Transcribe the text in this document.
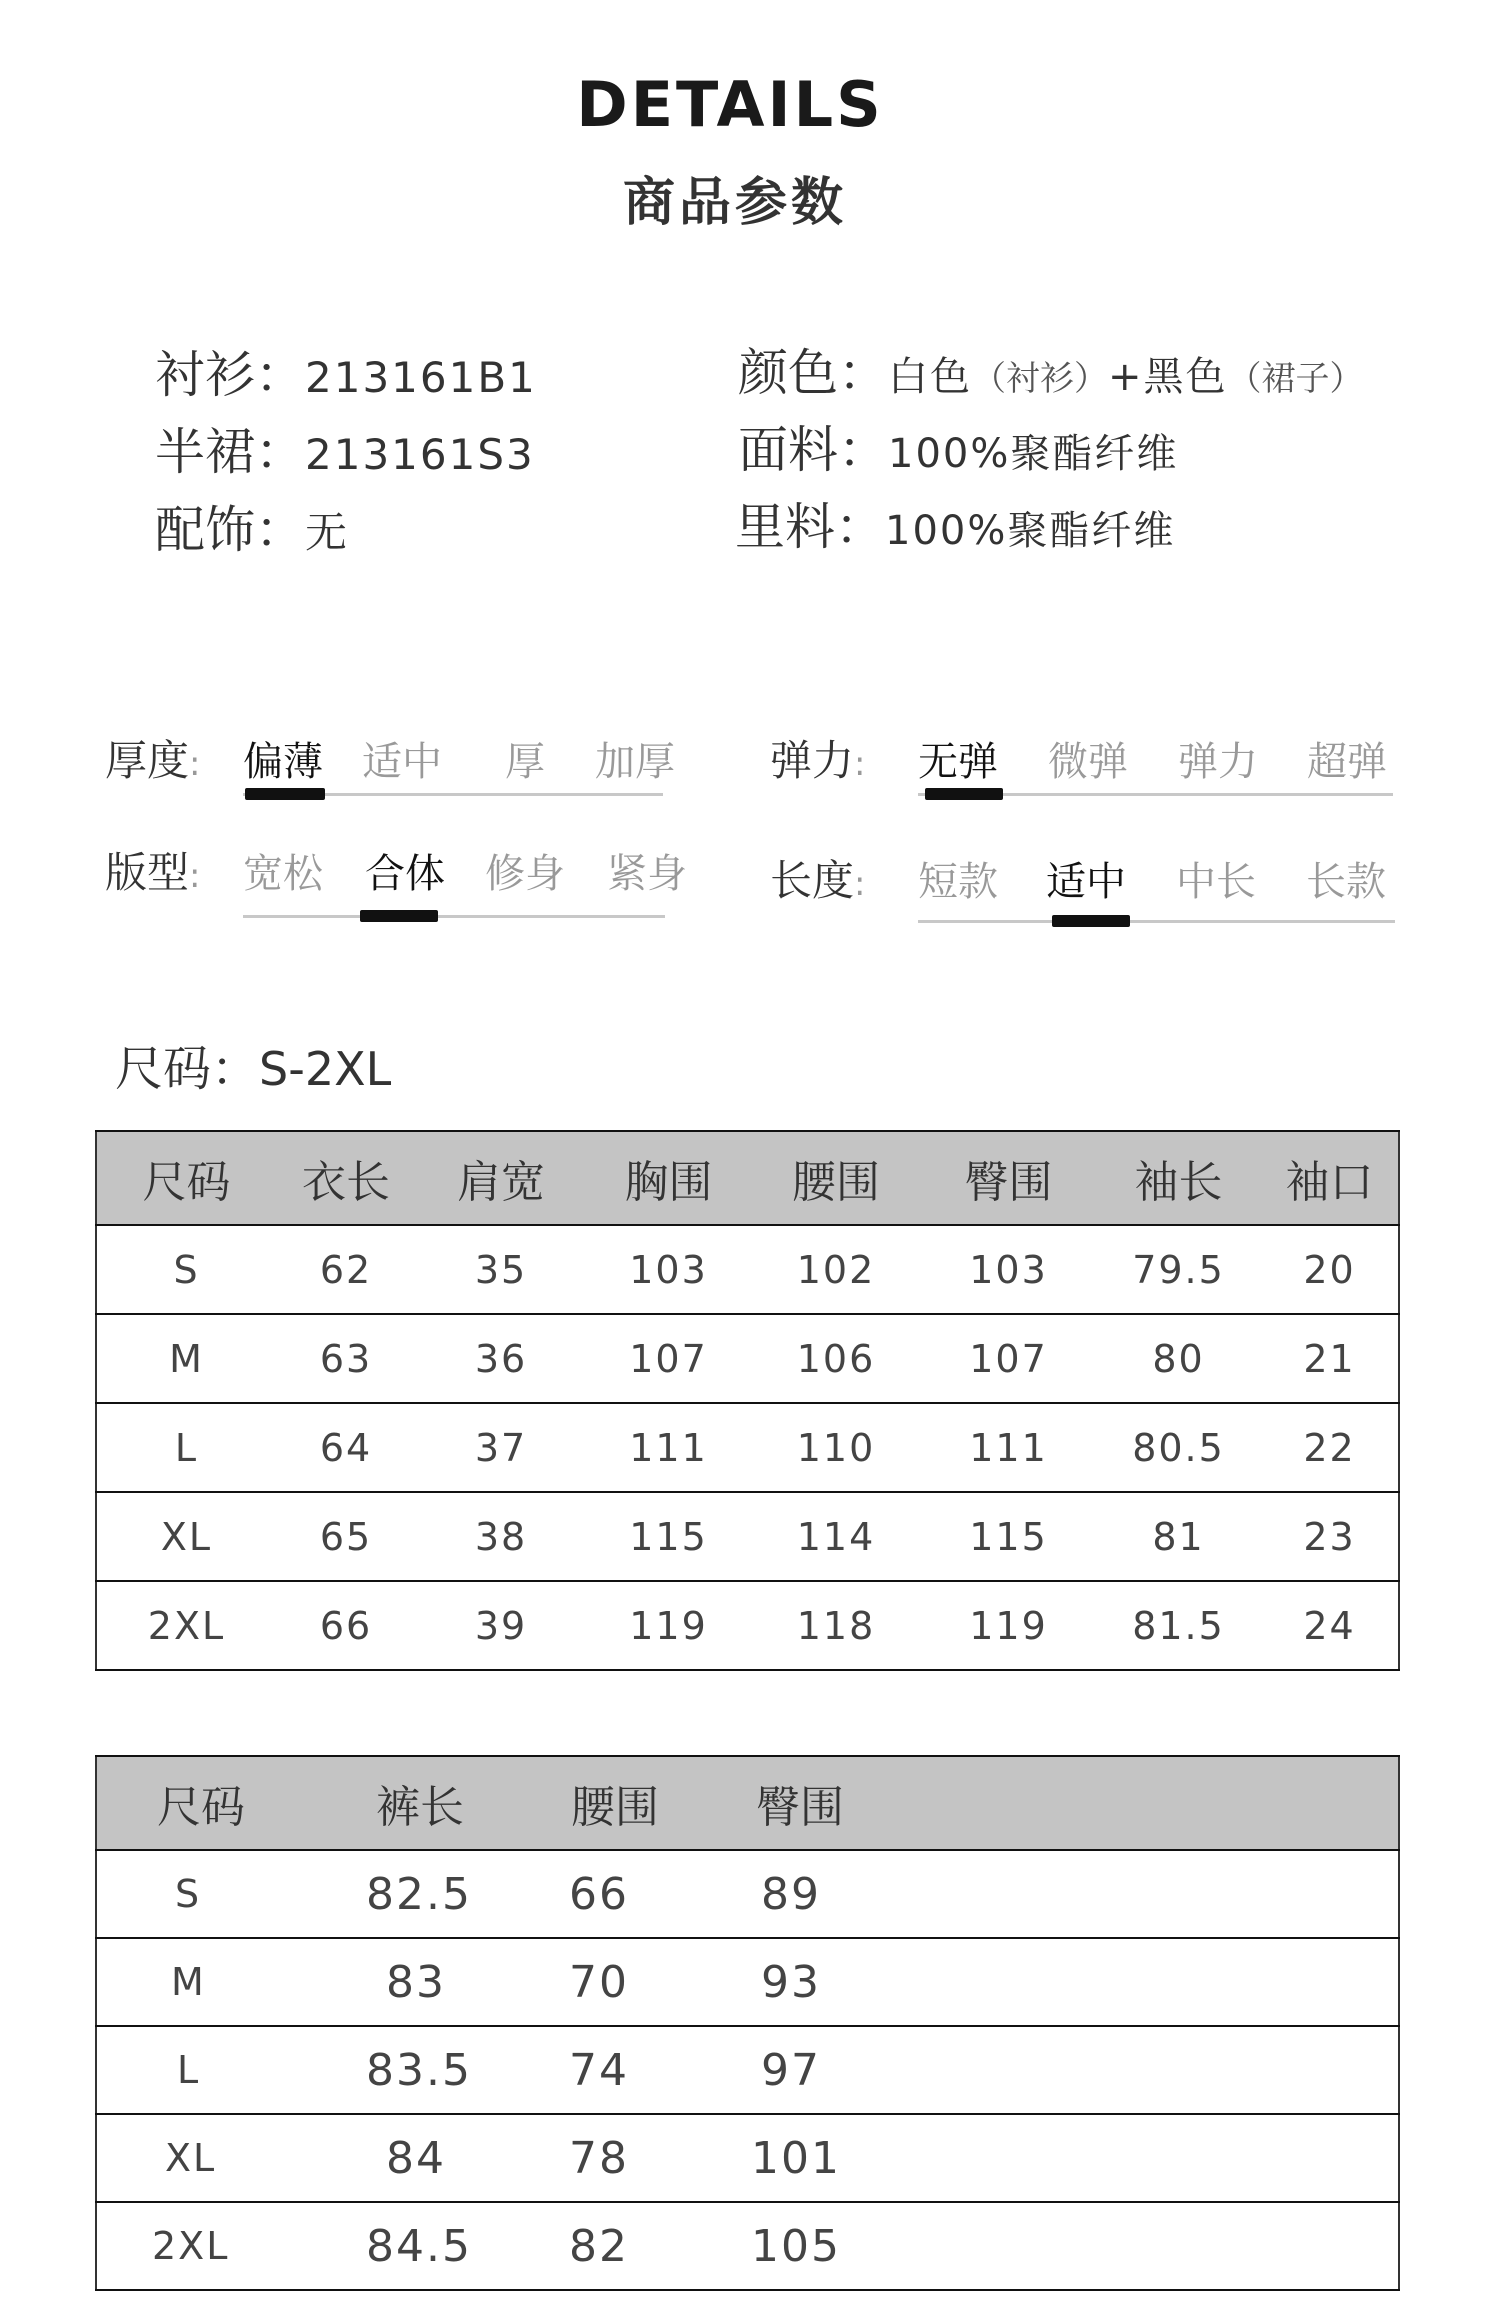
DETAILS
商品参数
衬衫：213161B1
半裙：213161S3
配饰：无
颜色：白色（衬衫）+黑色（裙子）
面料：100%聚酯纤维
里料：100%聚酯纤维
厚度: 偏薄 适中 厚 加厚 弹力: 无弹 微弹 弹力 超弹
版型: 宽松 合体 修身 紧身 长度: 短款 适中 中长 长款
尺码：S-2XL
尺码	衣长	肩宽	胸围	腰围	臀围	袖长	袖口
S	62	35	103	102	103	79.5	20
M	63	36	107	106	107	80	21
L	64	37	111	110	111	80.5	22
XL	65	38	115	114	115	81	23
2XL	66	39	119	118	119	81.5	24
尺码	裤长	腰围	臀围
S	82.5	66	89
M	83	70	93
L	83.5	74	97
XL	84	78	101
2XL	84.5	82	105
